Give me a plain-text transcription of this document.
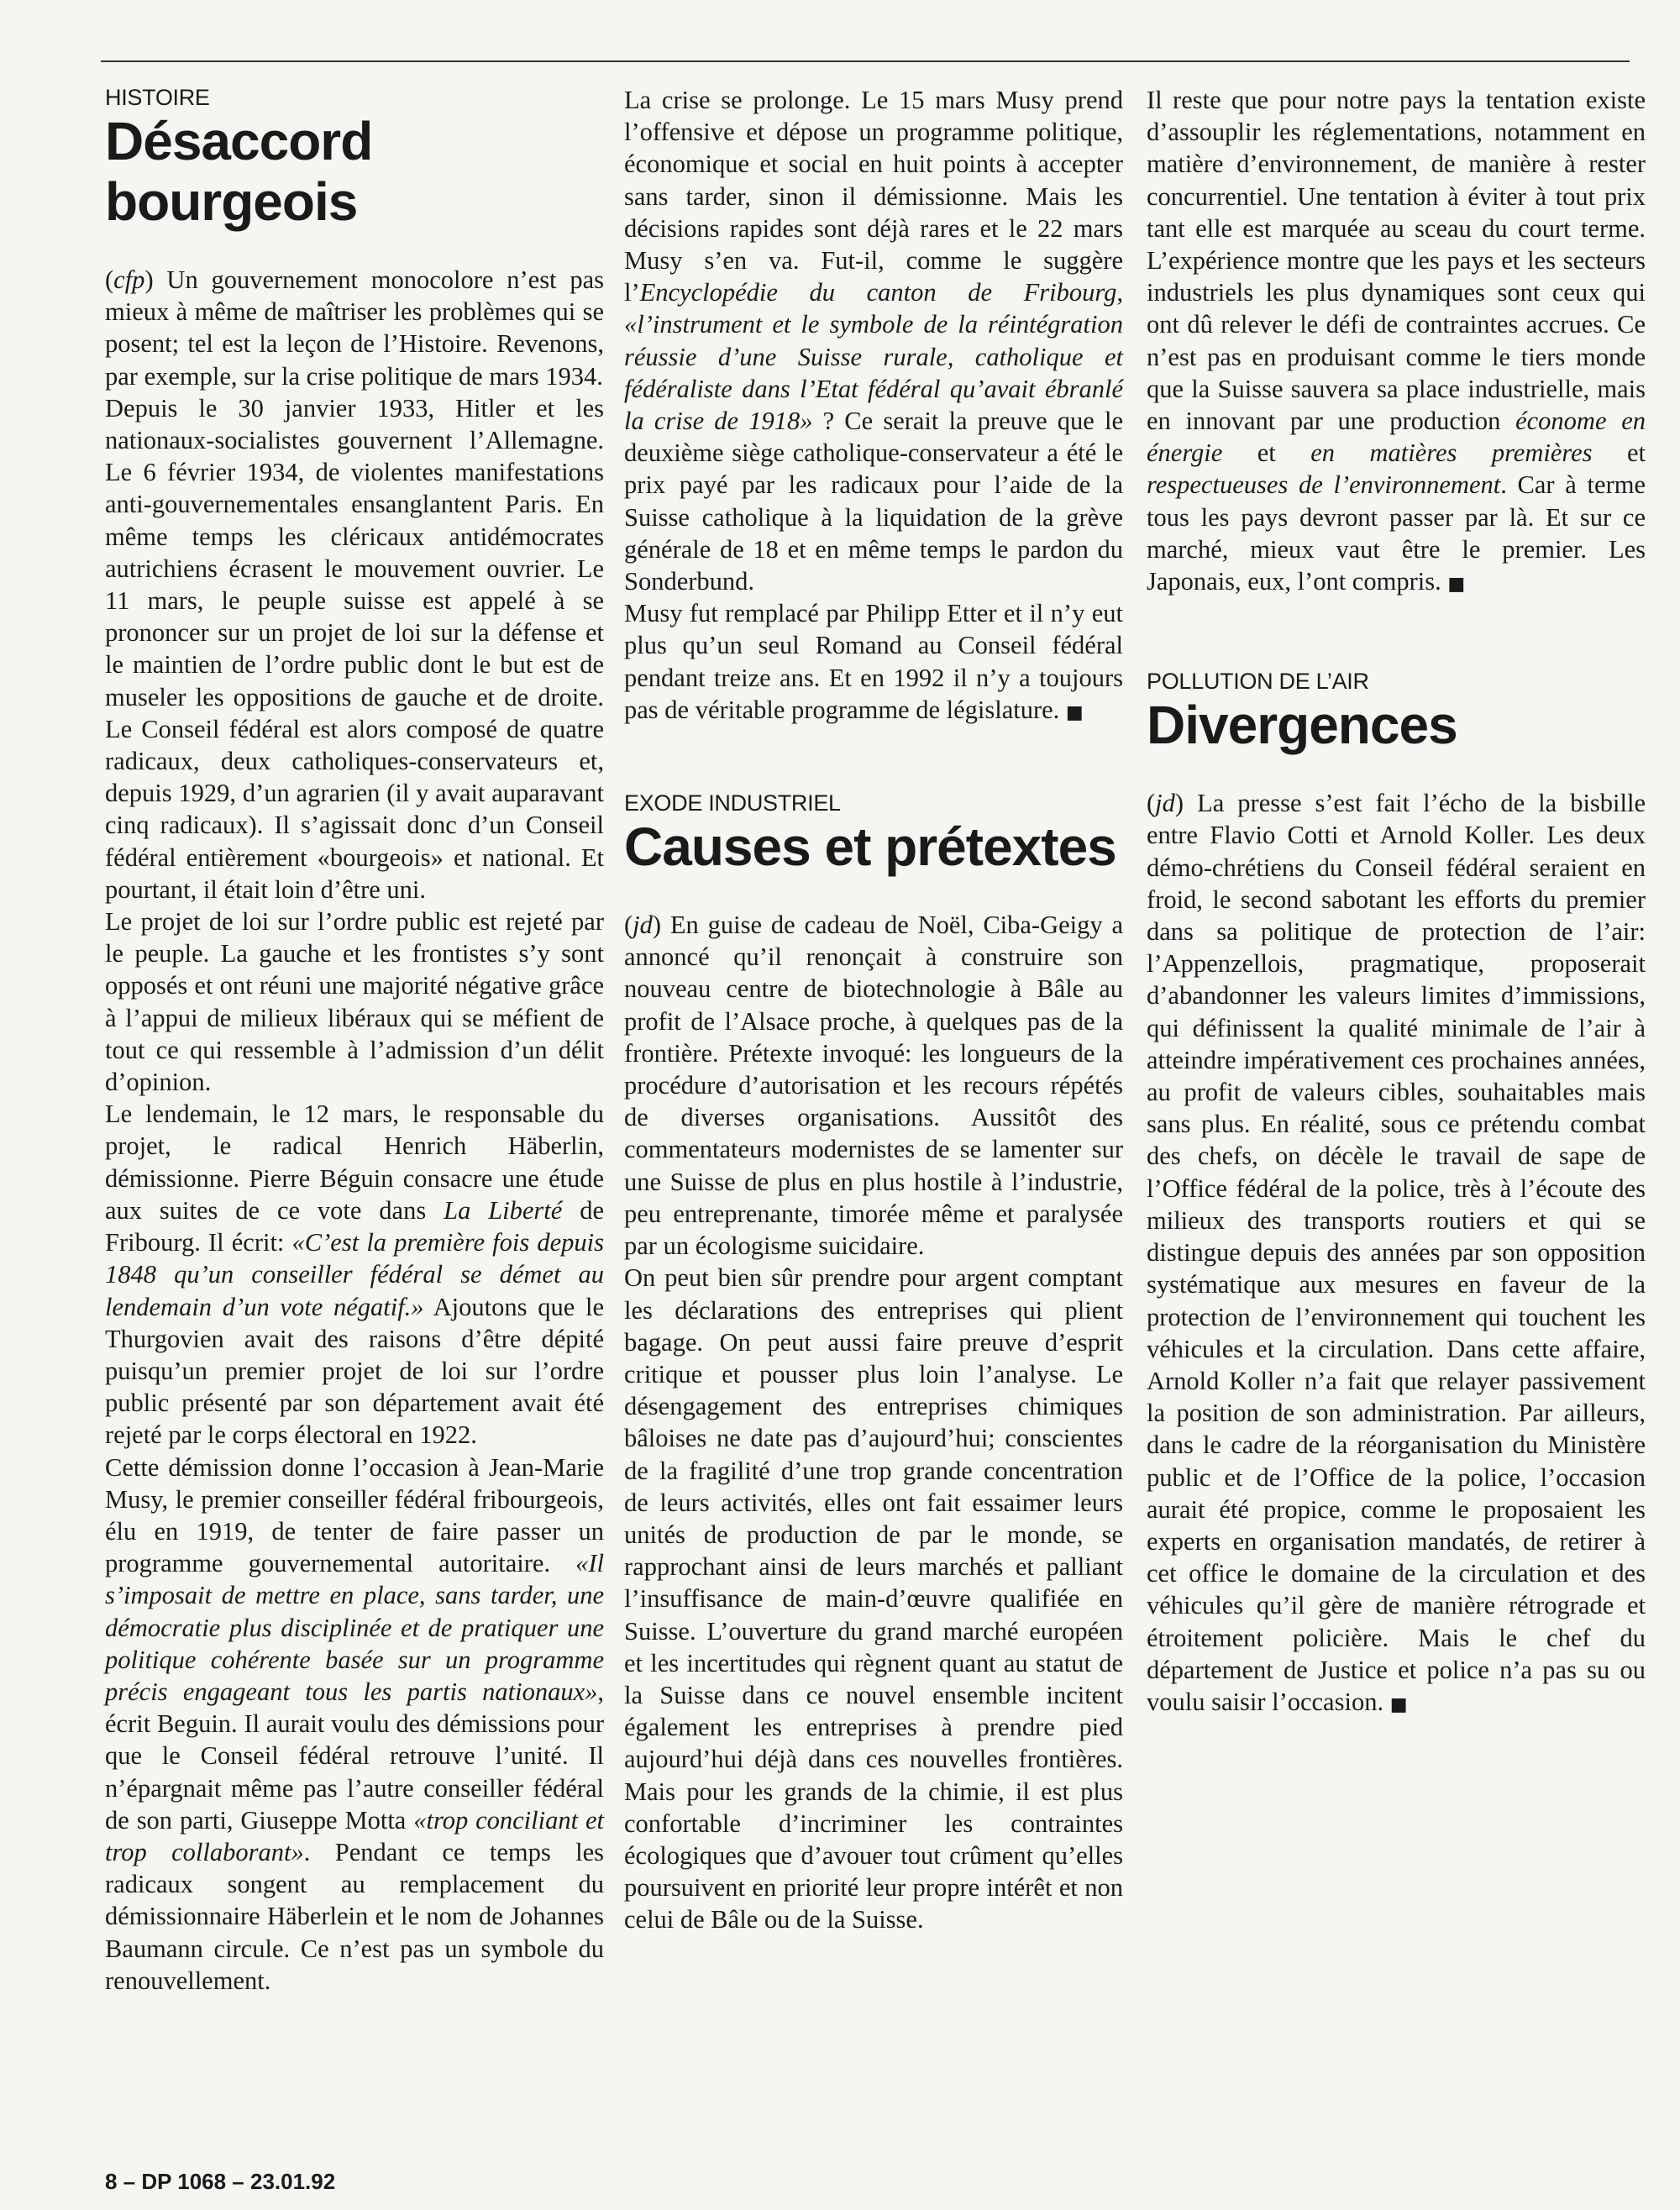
HISTOIRE
Désaccord bourgeois

(cfp) Un gouvernement monocolore n’est pas mieux à même de maîtriser les problèmes qui se posent; tel est la leçon de l’Histoire. Revenons, par exemple, sur la crise politique de mars 1934.

Depuis le 30 janvier 1933, Hitler et les nationaux-socialistes gouvernent l’Allemagne. Le 6 février 1934, de violentes manifestations anti-gouvernementales ensanglantent Paris. En même temps les cléricaux antidémocrates autrichiens écrasent le mouvement ouvrier. Le 11 mars, le peuple suisse est appelé à se prononcer sur un projet de loi sur la défense et le maintien de l’ordre public dont le but est de museler les oppositions de gauche et de droite. Le Conseil fédéral est alors composé de quatre radicaux, deux catholiques-conservateurs et, depuis 1929, d’un agrarien (il y avait auparavant cinq radicaux). Il s’agissait donc d’un Conseil fédéral entièrement «bourgeois» et national. Et pourtant, il était loin d’être uni.

Le projet de loi sur l’ordre public est rejeté par le peuple. La gauche et les frontistes s’y sont opposés et ont réuni une majorité négative grâce à l’appui de milieux libéraux qui se méfient de tout ce qui ressemble à l’admission d’un délit d’opinion.

Le lendemain, le 12 mars, le responsable du projet, le radical Henrich Häberlin, démissionne. Pierre Béguin consacre une étude aux suites de ce vote dans La Liberté de Fribourg. Il écrit: «C’est la première fois depuis 1848 qu’un conseiller fédéral se démet au lendemain d’un vote négatif.» Ajoutons que le Thurgovien avait des raisons d’être dépité puisqu’un premier projet de loi sur l’ordre public présenté par son département avait été rejeté par le corps électoral en 1922.

Cette démission donne l’occasion à Jean-Marie Musy, le premier conseiller fédéral fribourgeois, élu en 1919, de tenter de faire passer un programme gouvernemental autoritaire. «Il s’imposait de mettre en place, sans tarder, une démocratie plus disciplinée et de pratiquer une politique cohérente basée sur un programme précis engageant tous les partis nationaux», écrit Beguin. Il aurait voulu des démissions pour que le Conseil fédéral retrouve l’unité. Il n’épargnait même pas l’autre conseiller fédéral de son parti, Giuseppe Motta «trop conciliant et trop collaborant». Pendant ce temps les radicaux songent au remplacement du démissionnaire Häberlein et le nom de Johannes Baumann circule. Ce n’est pas un symbole du renouvellement.

La crise se prolonge. Le 15 mars Musy prend l’offensive et dépose un programme politique, économique et social en huit points à accepter sans tarder, sinon il démissionne. Mais les décisions rapides sont déjà rares et le 22 mars Musy s’en va. Fut-il, comme le suggère l’Encyclopédie du canton de Fribourg, «l’instrument et le symbole de la réintégration réussie d’une Suisse rurale, catholique et fédéraliste dans l’Etat fédéral qu’avait ébranlé la crise de 1918» ? Ce serait la preuve que le deuxième siège catholique-conservateur a été le prix payé par les radicaux pour l’aide de la Suisse catholique à la liquidation de la grève générale de 18 et en même temps le pardon du Sonderbund.

Musy fut remplacé par Philipp Etter et il n’y eut plus qu’un seul Romand au Conseil fédéral pendant treize ans. Et en 1992 il n’y a toujours pas de véritable programme de législature. ■

EXODE INDUSTRIEL
Causes et prétextes

(jd) En guise de cadeau de Noël, Ciba-Geigy a annoncé qu’il renonçait à construire son nouveau centre de biotechnologie à Bâle au profit de l’Alsace proche, à quelques pas de la frontière. Prétexte invoqué: les longueurs de la procédure d’autorisation et les recours répétés de diverses organisations. Aussitôt des commentateurs modernistes de se lamenter sur une Suisse de plus en plus hostile à l’industrie, peu entreprenante, timorée même et paralysée par un écologisme suicidaire.

On peut bien sûr prendre pour argent comptant les déclarations des entreprises qui plient bagage. On peut aussi faire preuve d’esprit critique et pousser plus loin l’analyse. Le désengagement des entreprises chimiques bâloises ne date pas d’aujourd’hui; conscientes de la fragilité d’une trop grande concentration de leurs activités, elles ont fait essaimer leurs unités de production de par le monde, se rapprochant ainsi de leurs marchés et palliant l’insuffisance de main-d’œuvre qualifiée en Suisse. L’ouverture du grand marché européen et les incertitudes qui règnent quant au statut de la Suisse dans ce nouvel ensemble incitent également les entreprises à prendre pied aujourd’hui déjà dans ces nouvelles frontières. Mais pour les grands de la chimie, il est plus confortable d’incriminer les contraintes écologiques que d’avouer tout crûment qu’elles poursuivent en priorité leur propre intérêt et non celui de Bâle ou de la Suisse.

Il reste que pour notre pays la tentation existe d’assouplir les réglementations, notamment en matière d’environnement, de manière à rester concurrentiel. Une tentation à éviter à tout prix tant elle est marquée au sceau du court terme. L’expérience montre que les pays et les secteurs industriels les plus dynamiques sont ceux qui ont dû relever le défi de contraintes accrues. Ce n’est pas en produisant comme le tiers monde que la Suisse sauvera sa place industrielle, mais en innovant par une production économe en énergie et en matières premières et respectueuses de l’environnement. Car à terme tous les pays devront passer par là. Et sur ce marché, mieux vaut être le premier. Les Japonais, eux, l’ont compris. ■

POLLUTION DE L’AIR
Divergences

(jd) La presse s’est fait l’écho de la bisbille entre Flavio Cotti et Arnold Koller. Les deux démo-chrétiens du Conseil fédéral seraient en froid, le second sabotant les efforts du premier dans sa politique de protection de l’air: l’Appenzellois, pragmatique, proposerait d’abandonner les valeurs limites d’immissions, qui définissent la qualité minimale de l’air à atteindre impérativement ces prochaines années, au profit de valeurs cibles, souhaitables mais sans plus. En réalité, sous ce prétendu combat des chefs, on décèle le travail de sape de l’Office fédéral de la police, très à l’écoute des milieux des transports routiers et qui se distingue depuis des années par son opposition systématique aux mesures en faveur de la protection de l’environnement qui touchent les véhicules et la circulation. Dans cette affaire, Arnold Koller n’a fait que relayer passivement la position de son administration. Par ailleurs, dans le cadre de la réorganisation du Ministère public et de l’Office de la police, l’occasion aurait été propice, comme le proposaient les experts en organisation mandatés, de retirer à cet office le domaine de la circulation et des véhicules qu’il gère de manière rétrograde et étroitement policière. Mais le chef du département de Justice et police n’a pas su ou voulu saisir l’occasion. ■

8 – DP 1068 – 23.01.92
